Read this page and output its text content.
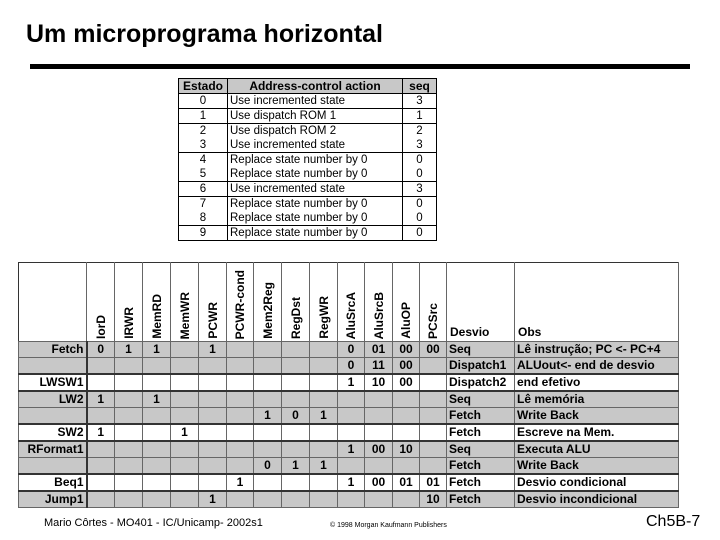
Um microprograma horizontal
Estado	Address-control action	seq
0	Use incremented state	3
1	Use dispatch ROM 1	1
2	Use dispatch ROM 2	2
3	Use incremented state	3
4	Replace state number by 0	0
5	Replace state number by 0	0
6	Use incremented state	3
7	Replace state number by 0	0
8	Replace state number by 0	0
9	Replace state number by 0	0

	IorD	IRWR	MemRD	MemWR	PCWR	PCWR-cond	Mem2Reg	RegDst	RegWR	AluSrcA	AluSrcB	AluOP	PCSrc	Desvio	Obs

Fetch	0	1	1		1					0	01	00	00	Seq	Lê instrução; PC <- PC+4
										0	11	00		Dispatch1	ALUout<- end de desvio
LWSW1										1	10	00		Dispatch2	end efetivo
LW2	1		1											Seq	Lê memória
							1	0	1					Fetch	Write Back
SW2	1			1										Fetch	Escreve na Mem.
RFormat1										1	00	10		Seq	Executa ALU
							0	1	1					Fetch	Write Back
Beq1						1				1	00	01	01	Fetch	Desvio condicional
Jump1					1								10	Fetch	Desvio incondicional
Mario Côrtes - MO401 - IC/Unicamp- 2002s1	© 1998 Morgan Kaufmann Publishers	Ch5B-7
